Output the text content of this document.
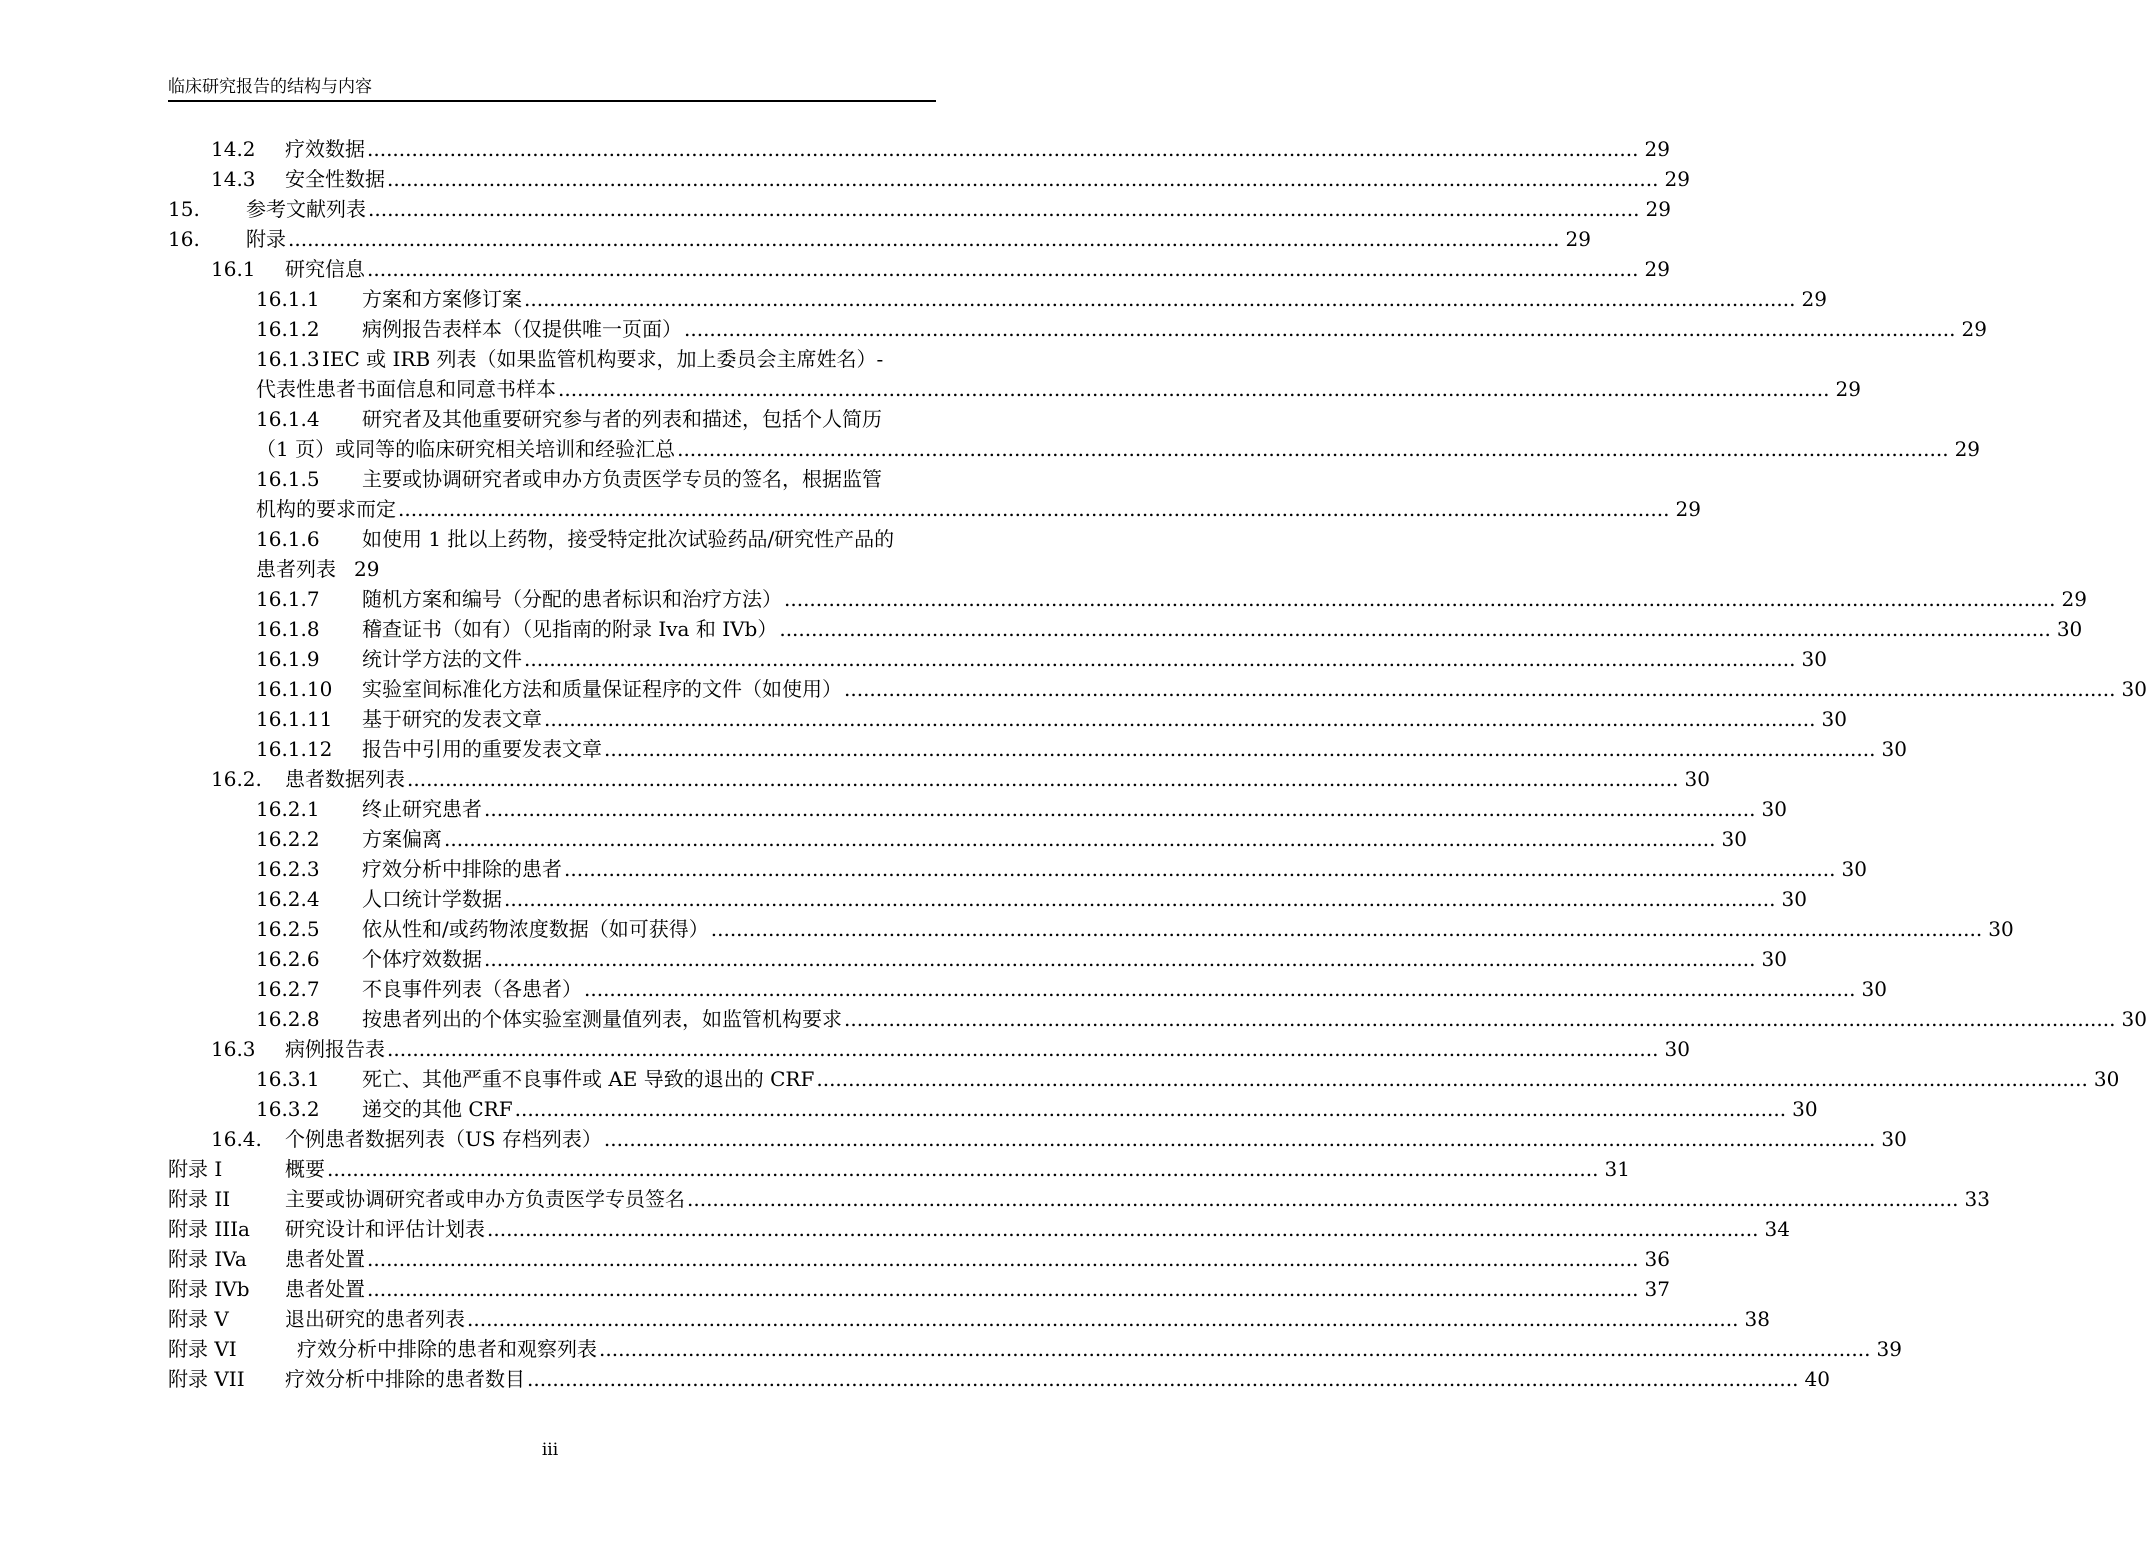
临床研究报告的结构与内容
14.2 疗效数据 ........................................................................................................................................................................................................ 29
14.3 安全性数据 ........................................................................................................................................................................................................ 29
15. 参考文献列表 ........................................................................................................................................................................................................ 29
16. 附录 ........................................................................................................................................................................................................ 29
16.1 研究信息 ........................................................................................................................................................................................................ 29
16.1.1 方案和方案修订案 ........................................................................................................................................................................................................ 29
16.1.2 病例报告表样本（仅提供唯一页面） ........................................................................................................................................................................................................ 29
16.1.3 IEC 或 IRB 列表（如果监管机构要求，加上委员会主席姓名）-
代表性患者书面信息和同意书样本 ........................................................................................................................................................................................................ 29
16.1.4 研究者及其他重要研究参与者的列表和描述，包括个人简历
（1 页）或同等的临床研究相关培训和经验汇总 ........................................................................................................................................................................................................ 29
16.1.5 主要或协调研究者或申办方负责医学专员的签名，根据监管
机构的要求而定 ........................................................................................................................................................................................................ 29
16.1.6 如使用 1 批以上药物，接受特定批次试验药品/研究性产品的
患者列表 29
16.1.7 随机方案和编号（分配的患者标识和治疗方法） ........................................................................................................................................................................................................ 29
16.1.8 稽查证书（如有）（见指南的附录 Iva 和 IVb） ........................................................................................................................................................................................................ 30
16.1.9 统计学方法的文件 ........................................................................................................................................................................................................ 30
16.1.10 实验室间标准化方法和质量保证程序的文件（如使用） ........................................................................................................................................................................................................ 30
16.1.11 基于研究的发表文章 ........................................................................................................................................................................................................ 30
16.1.12 报告中引用的重要发表文章 ........................................................................................................................................................................................................ 30
16.2. 患者数据列表 ........................................................................................................................................................................................................ 30
16.2.1 终止研究患者 ........................................................................................................................................................................................................ 30
16.2.2 方案偏离 ........................................................................................................................................................................................................ 30
16.2.3 疗效分析中排除的患者 ........................................................................................................................................................................................................ 30
16.2.4 人口统计学数据 ........................................................................................................................................................................................................ 30
16.2.5 依从性和/或药物浓度数据（如可获得） ........................................................................................................................................................................................................ 30
16.2.6 个体疗效数据 ........................................................................................................................................................................................................ 30
16.2.7 不良事件列表（各患者） ........................................................................................................................................................................................................ 30
16.2.8 按患者列出的个体实验室测量值列表，如监管机构要求 ........................................................................................................................................................................................................ 30
16.3 病例报告表 ........................................................................................................................................................................................................ 30
16.3.1 死亡、其他严重不良事件或 AE 导致的退出的 CRF ........................................................................................................................................................................................................ 30
16.3.2 递交的其他 CRF ........................................................................................................................................................................................................ 30
16.4. 个例患者数据列表（US 存档列表） ........................................................................................................................................................................................................ 30
附录 I	概要 ........................................................................................................................................................................................................ 31
附录 II	主要或协调研究者或申办方负责医学专员签名 ........................................................................................................................................................................................................ 33
附录 IIIa 研究设计和评估计划表 ........................................................................................................................................................................................................ 34
附录 IVa 患者处置 ........................................................................................................................................................................................................ 36
附录 IVb 患者处置 ........................................................................................................................................................................................................ 37
附录 V	退出研究的患者列表 ........................................................................................................................................................................................................ 38
附录 VI	疗效分析中排除的患者和观察列表 ........................................................................................................................................................................................................ 39
附录 VII 疗效分析中排除的患者数目 ........................................................................................................................................................................................................ 40
iii
